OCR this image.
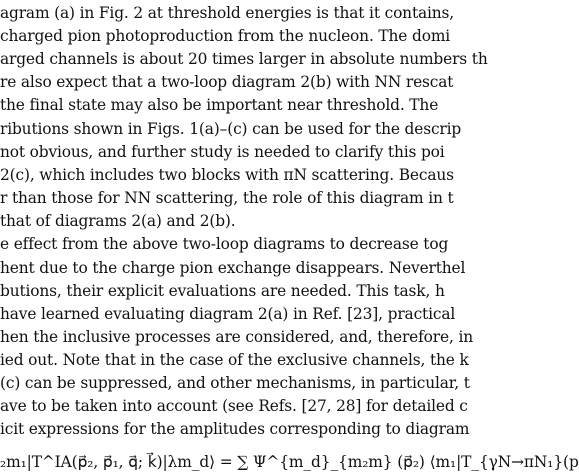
agram (a) in Fig. 2 at threshold energies is that it contains,
charged pion photoproduction from the nucleon. The domi
arged channels is about 20 times larger in absolute numbers th
re also expect that a two-loop diagram 2(b) with NN rescat
the final state may also be important near threshold. The
ributions shown in Figs. 1(a)–(c) can be used for the descrip
not obvious, and further study is needed to clarify this poi
2(c), which includes two blocks with πN scattering. Becaus
r than those for NN scattering, the role of this diagram in t
that of diagrams 2(a) and 2(b).
e effect from the above two-loop diagrams to decrease tog
hent due to the charge pion exchange disappears. Neverthel
butions, their explicit evaluations are needed. This task, h
have learned evaluating diagram 2(a) in Ref. [23], practical
hen the inclusive processes are considered, and, therefore, in
ied out. Note that in the case of the exclusive channels, the k
(c) can be suppressed, and other mechanisms, in particular, t
ave to be taken into account (see Refs. [27, 28] for detailed c
icit expressions for the amplitudes corresponding to diagram
₂m₁|T^IA(p⃗₂, p⃗₁, q⃗; k⃗)|λm_d⟩ = ∑ Ψ^{m_d}_{m₂m} (p⃗₂) ⟨m₁|T_{γN→πN₁}(p
